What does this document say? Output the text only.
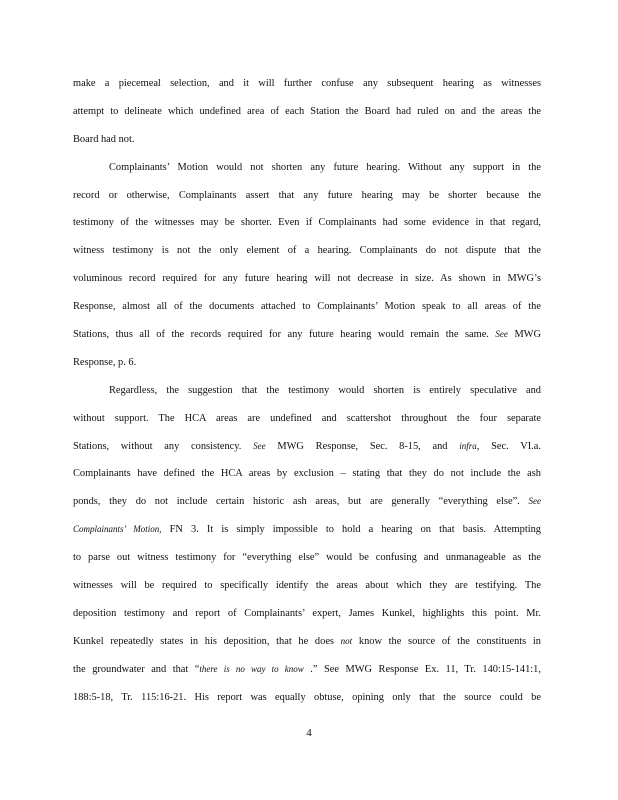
make a piecemeal selection, and it will further confuse any subsequent hearing as witnesses
attempt to delineate which undefined area of each Station the Board had ruled on and the areas the
Board had not.
Complainants’ Motion would not shorten any future hearing. Without any support in the
record or otherwise, Complainants assert that any future hearing may be shorter because the
testimony of the witnesses may be shorter. Even if Complainants had some evidence in that regard,
witness testimony is not the only element of a hearing. Complainants do not dispute that the
voluminous record required for any future hearing will not decrease in size. As shown in MWG’s
Response, almost all of the documents attached to Complainants’ Motion speak to all areas of the
Stations, thus all of the records required for any future hearing would remain the same. See MWG
Response, p. 6.
Regardless, the suggestion that the testimony would shorten is entirely speculative and
without support. The HCA areas are undefined and scattershot throughout the four separate
Stations, without any consistency. See MWG Response, Sec. 8-15, and infra, Sec. VI.a.
Complainants have defined the HCA areas by exclusion – stating that they do not include the ash
ponds, they do not include certain historic ash areas, but are generally “everything else”. See
Complainants’ Motion, FN 3. It is simply impossible to hold a hearing on that basis. Attempting
to parse out witness testimony for “everything else” would be confusing and unmanageable as the
witnesses will be required to specifically identify the areas about which they are testifying. The
deposition testimony and report of Complainants’ expert, James Kunkel, highlights this point. Mr.
Kunkel repeatedly states in his deposition, that he does not know the source of the constituents in
the groundwater and that “there is no way to know .” See MWG Response Ex. 11, Tr. 140:15-141:1,
188:5-18, Tr. 115:16-21. His report was equally obtuse, opining only that the source could be
4
